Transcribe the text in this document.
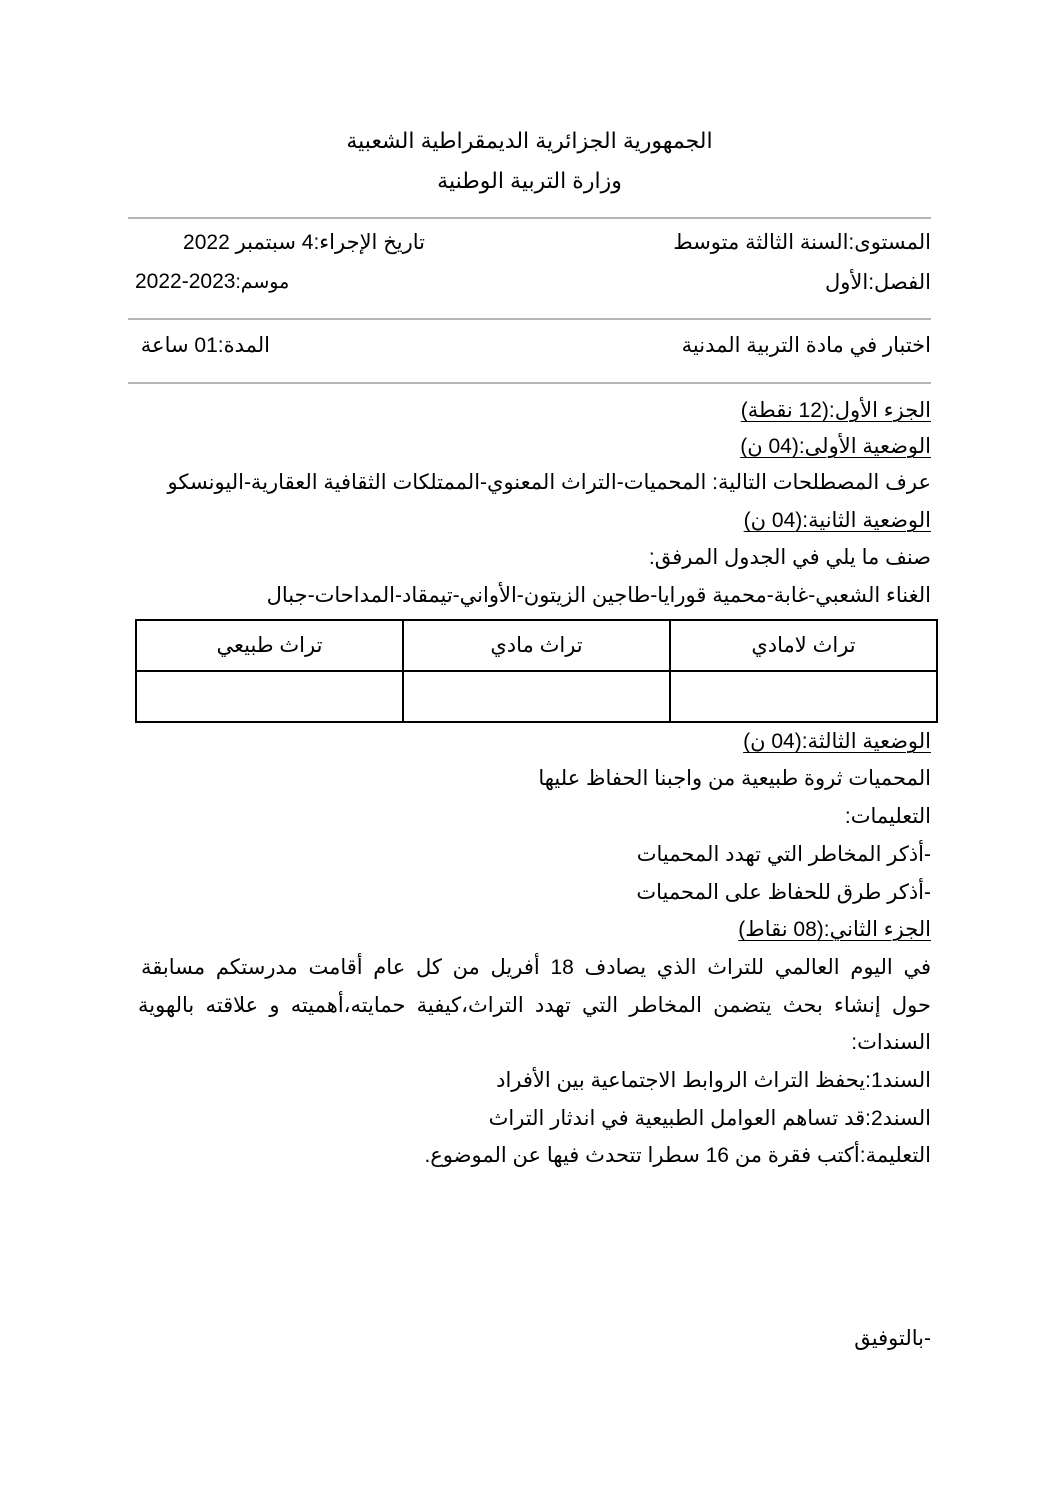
الجمهورية الجزائرية الديمقراطية الشعبية
وزارة التربية الوطنية
المستوى:السنة الثالثة متوسط
تاريخ الإجراء:4 سبتمبر 2022
الفصل:الأول
2022-2023موسم:
اختبار في مادة التربية المدنية
المدة:01 ساعة
الجزء الأول:(12 نقطة)
الوضعية الأولى:(04 ن)
عرف المصطلحات التالية: المحميات-التراث المعنوي-الممتلكات الثقافية العقارية-اليونسكو
الوضعية الثانية:(04 ن)
صنف ما يلي في الجدول المرفق:
الغناء الشعبي-غابة-محمية قورايا-طاجين الزيتون-الأواني-تيمقاد-المداحات-جبال
تراث لامادي	تراث مادي	تراث طبيعي

الوضعية الثالثة:(04 ن)
المحميات ثروة طبيعية من واجبنا الحفاظ عليها
التعليمات:
-أذكر المخاطر التي تهدد المحميات
-أذكر طرق للحفاظ على المحميات
الجزء الثاني:(08 نقاط)
في اليوم العالمي للتراث الذي يصادف 18 أفريل من كل عام أقامت مدرستكم مسابقة
حول إنشاء بحث يتضمن المخاطر التي تهدد التراث،كيفية حمايته،أهميته و علاقته بالهوية
السندات:
السند1:يحفظ التراث الروابط الاجتماعية بين الأفراد
السند2:قد تساهم العوامل الطبيعية في اندثار التراث
التعليمة:أكتب فقرة من 16 سطرا تتحدث فيها عن الموضوع.
-بالتوفيق
